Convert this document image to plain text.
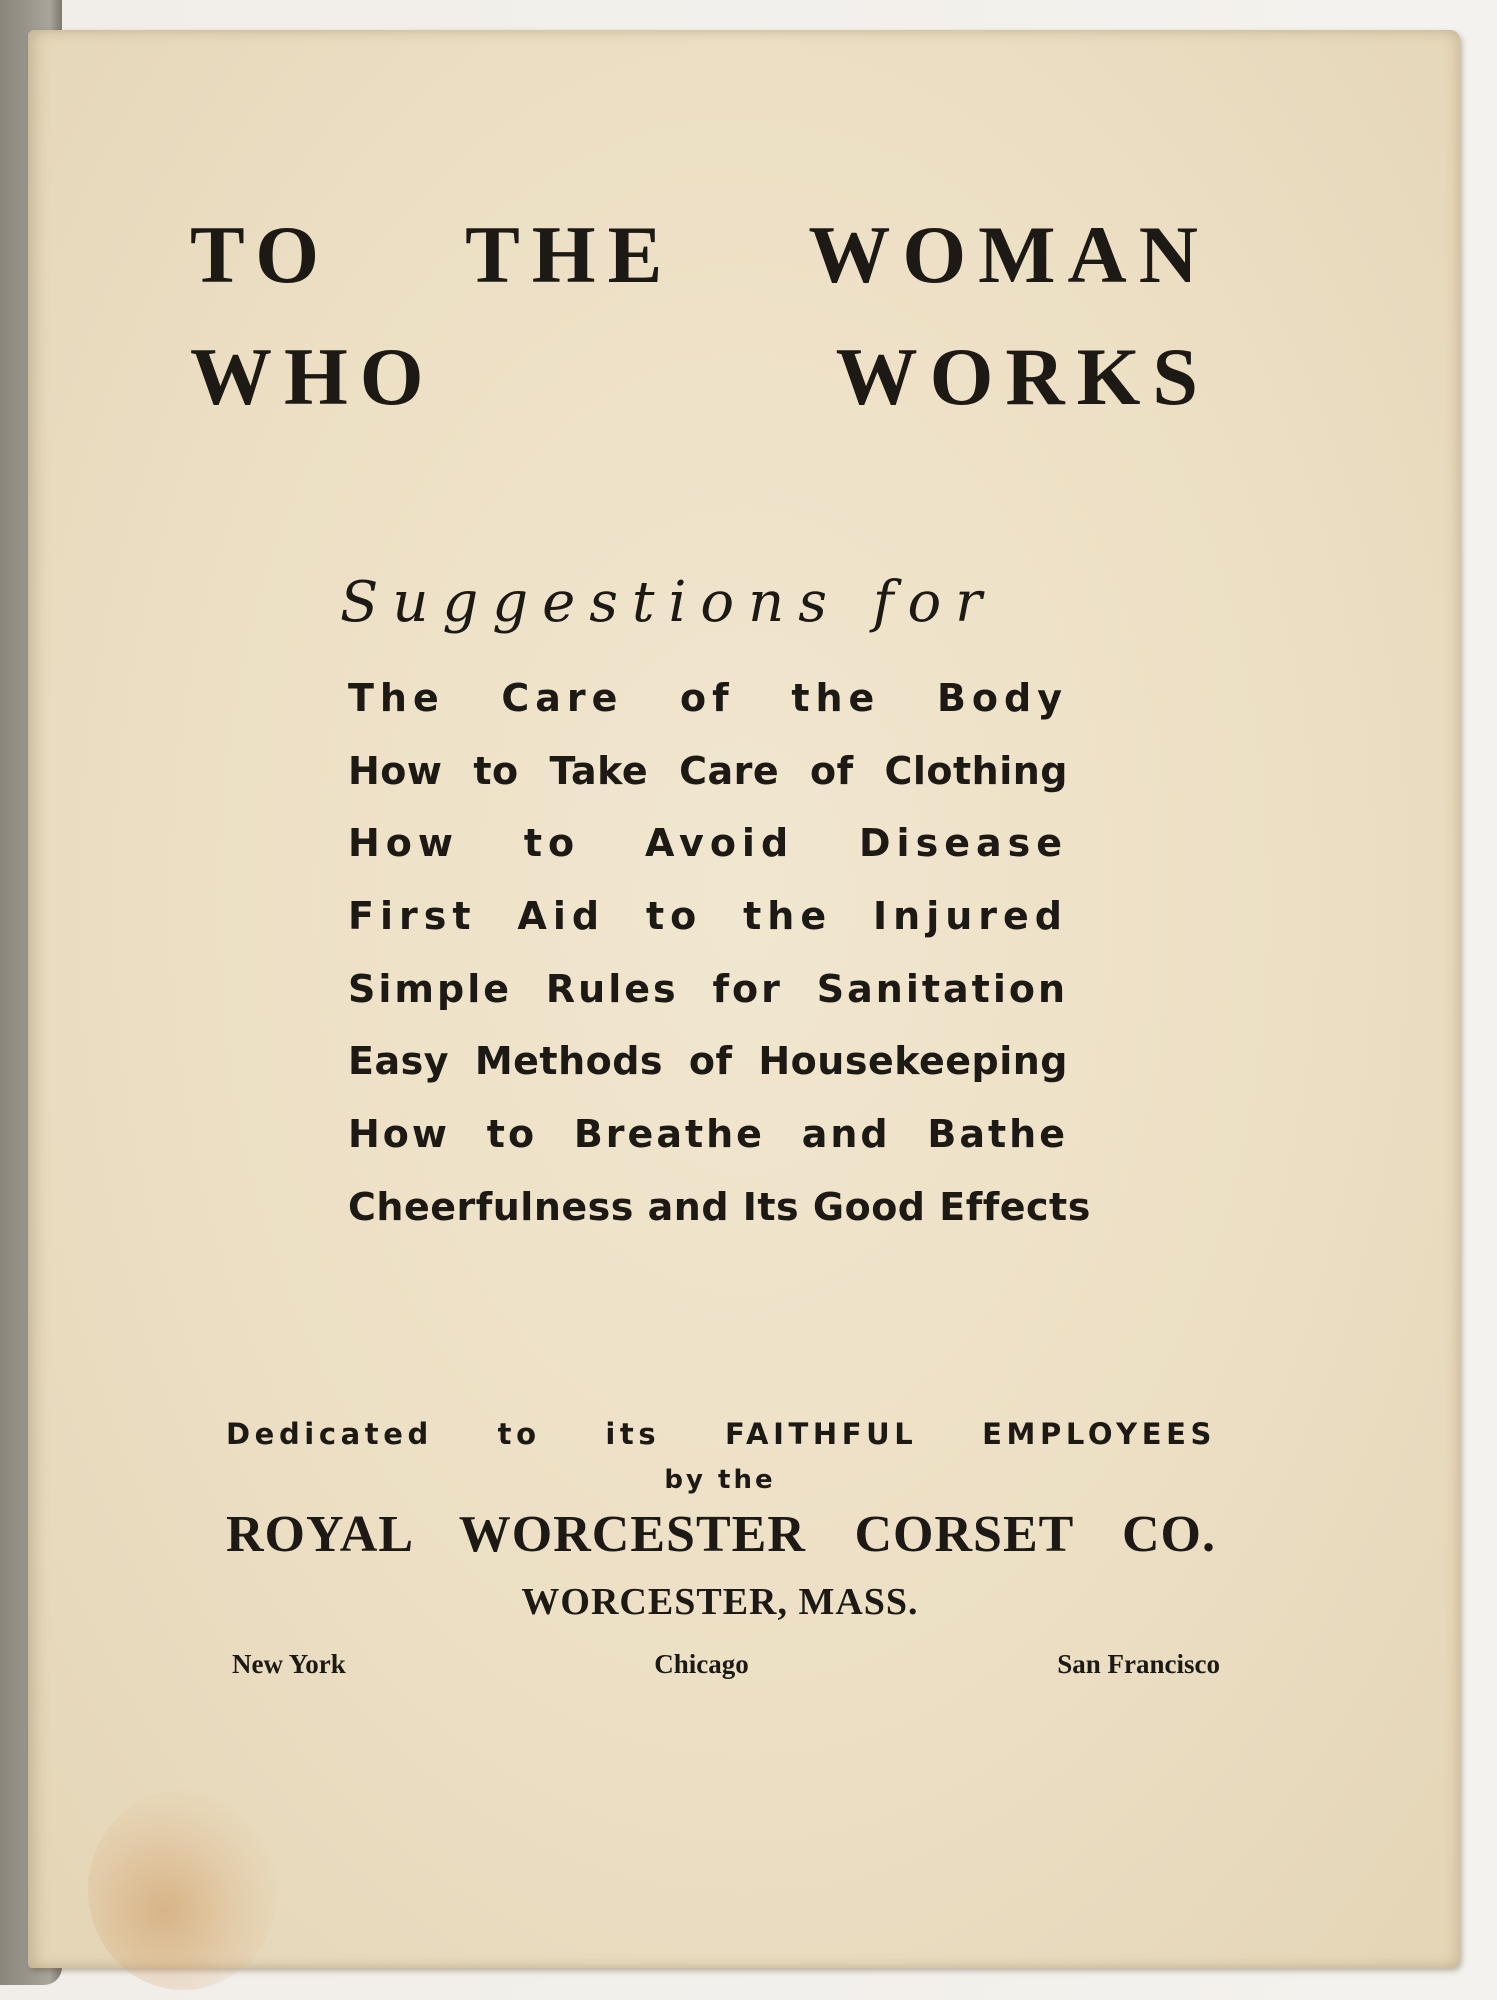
TO THE WOMAN
WHO WORKS
Suggestions for
The Care of the Body
How to Take Care of Clothing
How to Avoid Disease
First Aid to the Injured
Simple Rules for Sanitation
Easy Methods of Housekeeping
How to Breathe and Bathe
Cheerfulness and Its Good Effects
Dedicated to its FAITHFUL EMPLOYEES
by the
ROYAL WORCESTER CORSET CO.
WORCESTER, MASS.
New York	Chicago	San Francisco
